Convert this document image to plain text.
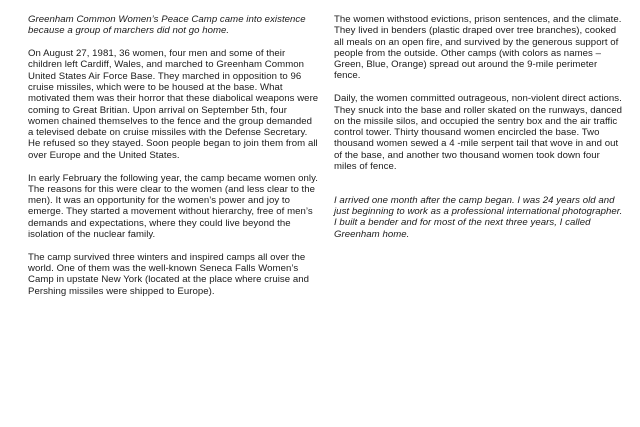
Greenham Common Women’s Peace Camp came into existence because a group of marchers did not go home.

On August 27, 1981, 36 women, four men and some of their children left Cardiff, Wales, and marched to Greenham Common United States Air Force Base. They marched in opposition to 96 cruise missiles, which were to be housed at the base. What motivated them was their horror that these diabolical weapons were coming to Great Britian. Upon arrival on September 5th, four women chained themselves to the fence and the group demanded a televised debate on cruise missiles with the Defense Secretary. He refused so they stayed. Soon people began to join them from all over Europe and the United States.

In early February the following year, the camp became women only. The reasons for this were clear to the women (and less clear to the men). It was an opportunity for the women’s power and joy to emerge. They started a movement without hierarchy, free of men’s demands and expectations, where they could live beyond the isolation of the nuclear family.

The camp survived three winters and inspired camps all over the world. One of them was the well-known Seneca Falls Women’s Camp in upstate New York (located at the place where cruise and Pershing missiles were shipped to Europe).

The women withstood evictions, prison sentences, and the climate. They lived in benders (plastic draped over tree branches), cooked all meals on an open fire, and survived by the generous support of people from the outside. Other camps (with colors as names – Green, Blue, Orange) spread out around the 9-mile perimeter fence.

Daily, the women committed outrageous, non-violent direct actions. They snuck into the base and roller skated on the runways, danced on the missile silos, and occupied the sentry box and the air traffic control tower. Thirty thousand women encircled the base. Two thousand women sewed a 4 -mile serpent tail that wove in and out of the base, and another two thousand women took down four miles of fence.

I arrived one month after the camp began. I was 24 years old and just beginning to work as a professional international photographer. I built a bender and for most of the next three years, I called Greenham home.
